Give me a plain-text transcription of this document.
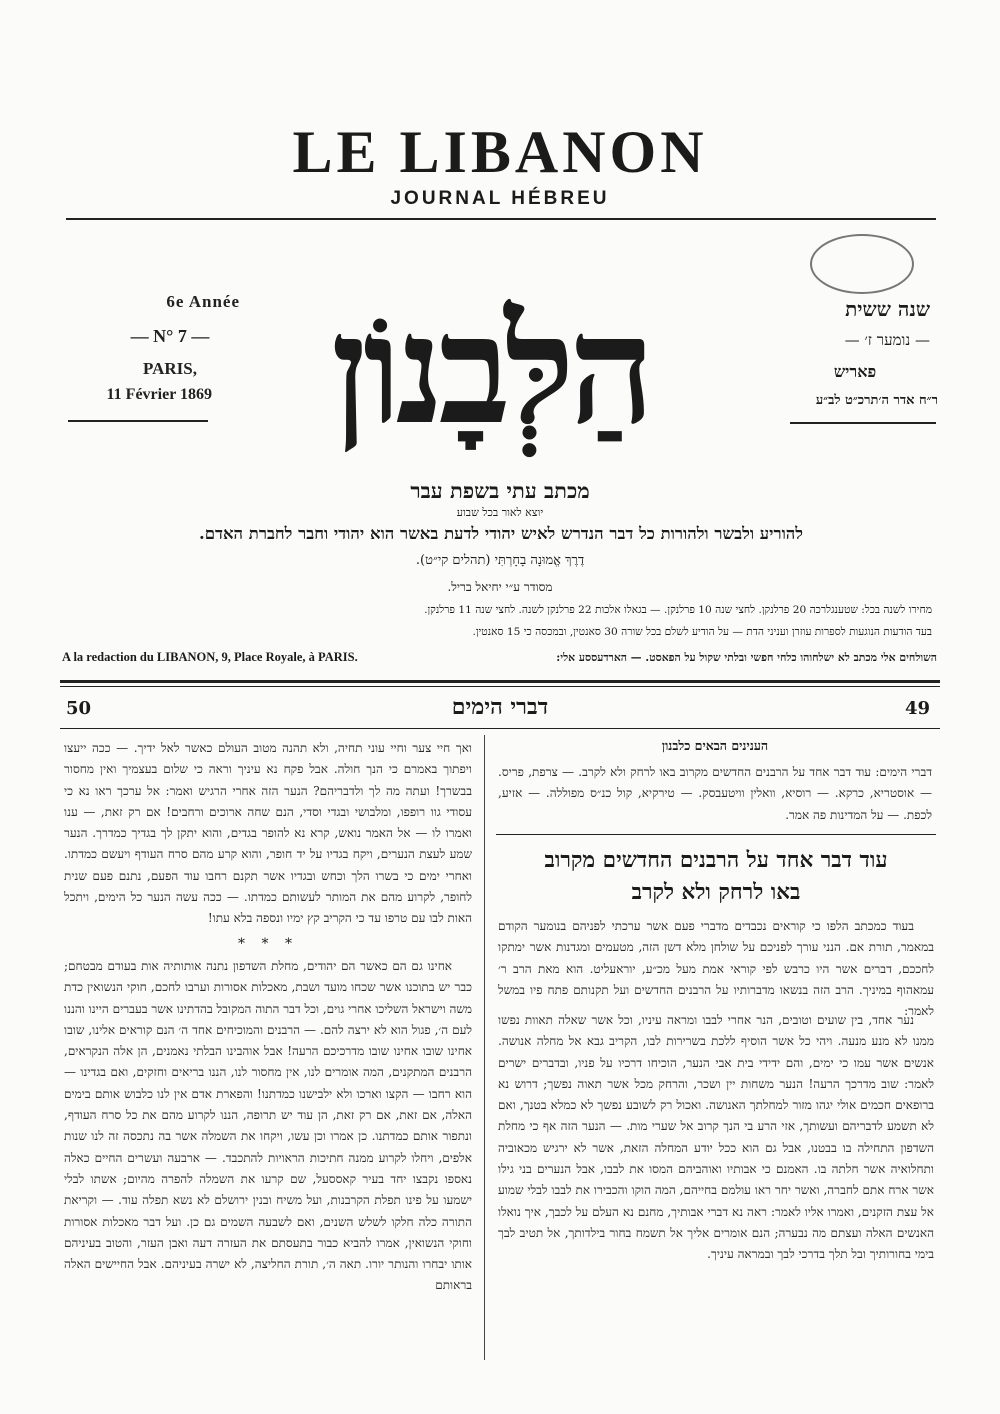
LE LIBANON
JOURNAL HÉBREU
6e Année
— N° 7 —
PARIS,
11 Février 1869 הַלְּבָנוֹן	שנה ששית
— נומער ז׳ —
פאריש
ר״ח אדר ה׳תרכ״ט לב״ע
מכתב עתי בשפת עבר
יוצא לאור בכל שבוע
להוריע ולבשר ולהורות כל דבר הנדרש לאיש יהודי לדעת באשר הוא יהודי וחבר לחברת האדם.
דֶרֶךְ אֱמוּנָה בָחָרְתִּי (תהלים קי״ט).
מסודר ע״י יחיאל בריל.
מחירו לשנה בכל: שטענגלרכה 20 פרלנקן. לחצי שנה 10 פרלנקן. — בגאלו אלכות 22 פרלנקן לשנה. לחצי שנה 11 פרלנקן.
בעד הודעות הנוגעות לספרות עוזרן ועניני הדת — על הודיע לשלם בכל שורה 30 סאנטין, ובמכסה כי 15 סאנטין.
A la redaction du LIBANON, 9, Place Royale, à PARIS.	השולחים אלי מכתב לא ישלחוהו כלחי חפשי ובלתי שקול על הפאסט. — הארדעססע אלי:
50	דברי הימים	49
הענינים הבאים כלבנון
דברי הימים: עוד דבר אחד על הרבנים החדשים מקרוב באו לרחק ולא לקרב. — צרפת, פריס. — אוסטריא, כרקא. — רוסיא, וואלין וויטעבסק. — טירקיא, קול כנ״ס מפוללה. — אזיע, לכפת. — על המדינות פה אמר.
עוד דבר אחד על הרבנים החדשים מקרוב
באו לרחק ולא לקרב
בעוד כמכתב הלפו כי קוראים נכבדים מדברי פעם אשר ערכתי לפניהם בנומער הקודם במאמר, תורת אם. הנני עורך לפניכם על שולחן מלא דשן הזה, מטעמים ומגדנות אשר ימתקו לחככם, דברים אשר היו כרבש לפי קוראי אמת מעל מכ״ע, יוראעליט. הוא מאת הרב ר׳ עמאהוף במיניך. הרב הזה בנשאו מדברותיו על הרבנים החדשים ועל תקנותם פתח פיו במשל לאמר:
נער אחד, בין שועים וטובים, הנר אחרי לבבו ומראה עיניו, וכל אשר שאלה תאוות נפשו ממנו לא מנע מנעה. ויהי כל אשר הוסיף ללכת בשרירות לבו, הקריב גבא אל מחלה אנושה. אנשים אשר עמו כי ימים, והם ידידי בית אבי הנער, הוכיחו דרכיו על פניו, ובדברים ישרים לאמר: שוב מדרכך הרעה! הנער משחות יין ושכר, והרחק מכל אשר תאוה נפשך; דרוש נא ברופאים חכמים אולי יגהו מזור למחלתך האנושה. ואכול רק לשובע נפשך לא כמלא בטנך, ואם לא תשמע לדבריהם ועשותך, אזי הרע בי הנך קרוב אל שערי מות. — הנער הזה אף כי מחלת השדפון התחילה בו בבטנו, אבל גם הוא ככל יודע המחלה הזאת, אשר לא ירגיש מכאוביה ותחלואיה אשר חלתה בו. האמנם כי אבותיו ואוהביהם המסו את לבבו, אבל הנערים בני גילו אשר ארח אתם לחברה, ואשר יחר ראו עולמם בחייהם, המה הוקו והכבירו את לבבו לבלי שמוע אל עצת הזקנים, ואמרו אליו לאמר: ראה נא דברי אבותיך, מחנם נא העלם על לכבך, איך נואלו האנשים האלה ועצתם מה נבערה; הנם אומרים אליך אל תשמח בחור בילדותך, אל תטיב לבך בימי בחורותיך ובל תלך בדרכי לבך ובמראה עיניך.
ואך חיי צער וחיי עוני תחיה, ולא תהנה מטוב העולם כאשר לאל ידיך. — ככה ייעצו ויפתוך באמרם כי הנך חולה. אבל פקח נא עיניך וראה כי שלום בעצמיך ואין מחסור בבשרך! ועתה מה לך ולדבריהם? הנער הזה אחרי הרגיש ואמר: אל ערכך ראו נא כי עסודי גוו רופפו, ומלבושי ובגדי וסדי, הנם שחה ארוכים ורחבים! אם רק זאת, — ענו ואמרו לו — אל האמר נואש, קרא נא להופר בגדים, והוא יתקן לך בגדיך כמדרך. הנער שמע לעצת הנערים, ויקח בגדיו על יד חופר, והוא קרע מהם סרח העודף ויעשם כמדתו. ואחרי ימים כי בשרו הלך וכחש ובגדיו אשר תקנם רחבו עוד הפעם, נתנם פעם שנית לחופר, לקרוע מהם את המותר לעשותם כמדתו. — ככה עשה הנער כל הימים, ויתכל האות לבו עם טרפו עד כי הקריב קץ ימיו ונספה בלא עתו!
* * *
אחינו גם הם כאשר הם יהודים, מחלת השדפון נתנה אותותיה אות בעודם מבטחם; כבר יש בתוכנו אשר שכחו מועד ושבת, מאכלות אסורות וערבו לחכם, חוקי הנשואין כדת משה וישראל השליכו אחרי גוים, וכל דבר התוה המקובל בהדתינו אשר בעברים היינו והננו לעם ה׳, פגול הוא לא ירצה להם. — הרבנים והמוכיחים אחד ה׳ הנם קוראים אלינו, שובו אחינו שובו אחינו שובו מדרכיכם הרעה! אבל אוהבינו הבלתי נאמנים, הן אלה הנקראים, הרבנים המתקנים, המה אומרים לנו, אין מחסור לנו, הננו בריאים וחזקים, ואם בגדינו — הוא רחבו — הקצו וארכו ולא ילבישנו כמדתנו! והפארת אדם אין לנו כלבוש אותם בימים האלה, אם זאת, אם רק זאת, הן עוד יש תרופה, הננו לקרוע מהם את כל סרח העודף, ונתפור אותם כמדתנו. כן אמרו וכן עשו, ויקחו את השמלה אשר בה נתכסה זה לנו שנות אלפים, ויחלו לקרוע ממנה חתיכות הראויות להתכבד. — ארבעה ועשרים החיים כאלה נאספו נקבצו יחד בעיר קאססעל, שם קרעו את השמלה להפרה מהיום; אשתו לבלי ישמעו על פינו תפלת הקרבנות, ועל משיח ובנין ירושלם לא נשא תפלה עוד. — וקריאת התורה כלה חלקו לשלש השנים, ואם לשבעה השמים גם כן. ועל דבר מאכלות אסורות וחוקי הנשואין, אמרו להביא כבור בתעסתם את העזרה דעה ואבן העזר, והטוב בעיניהם אותו יבחרו והנותר יורו. תאה ה׳, תורת החליצה, לא ישרה בעיניהם. אבל החיישים האלה בראותם
